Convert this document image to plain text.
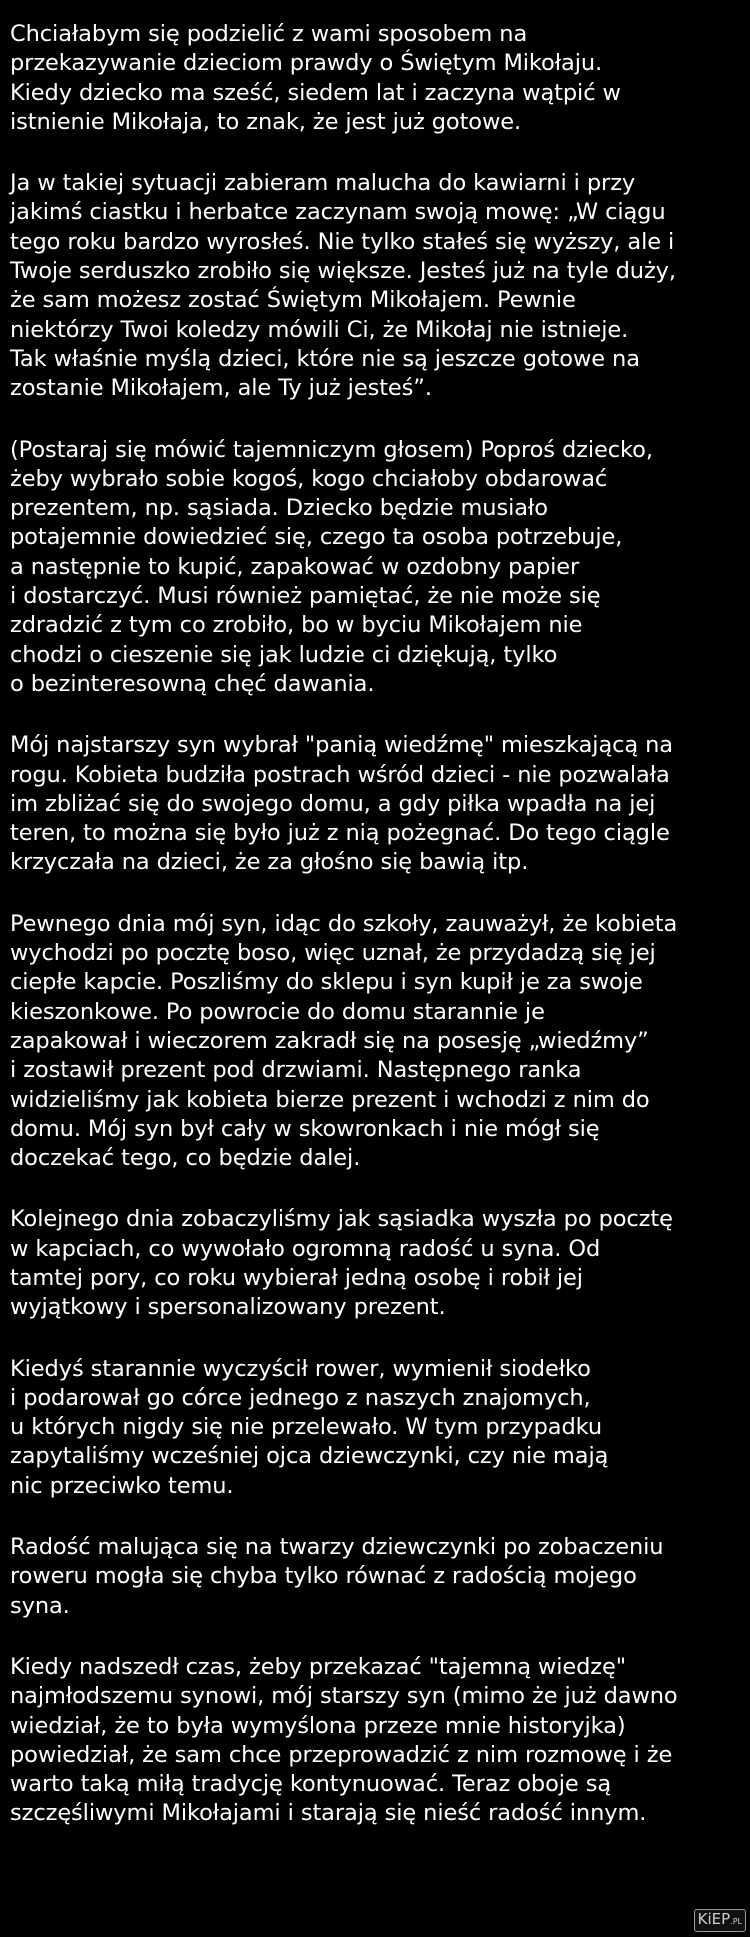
Chciałabym się podzielić z wami sposobem na
przekazywanie dzieciom prawdy o Świętym Mikołaju.
Kiedy dziecko ma sześć, siedem lat i zaczyna wątpić w
istnienie Mikołaja, to znak, że jest już gotowe.

Ja w takiej sytuacji zabieram malucha do kawiarni i przy
jakimś ciastku i herbatce zaczynam swoją mowę: „W ciągu
tego roku bardzo wyrosłeś. Nie tylko stałeś się wyższy, ale i
Twoje serduszko zrobiło się większe. Jesteś już na tyle duży,
że sam możesz zostać Świętym Mikołajem. Pewnie
niektórzy Twoi koledzy mówili Ci, że Mikołaj nie istnieje.
Tak właśnie myślą dzieci, które nie są jeszcze gotowe na
zostanie Mikołajem, ale Ty już jesteś”.

(Postaraj się mówić tajemniczym głosem) Poproś dziecko,
żeby wybrało sobie kogoś, kogo chciałoby obdarować
prezentem, np. sąsiada. Dziecko będzie musiało
potajemnie dowiedzieć się, czego ta osoba potrzebuje,
a następnie to kupić, zapakować w ozdobny papier
i dostarczyć. Musi również pamiętać, że nie może się
zdradzić z tym co zrobiło, bo w byciu Mikołajem nie
chodzi o cieszenie się jak ludzie ci dziękują, tylko
o bezinteresowną chęć dawania.

Mój najstarszy syn wybrał "panią wiedźmę" mieszkającą na
rogu. Kobieta budziła postrach wśród dzieci - nie pozwalała
im zbliżać się do swojego domu, a gdy piłka wpadła na jej
teren, to można się było już z nią pożegnać. Do tego ciągle
krzyczała na dzieci, że za głośno się bawią itp.

Pewnego dnia mój syn, idąc do szkoły, zauważył, że kobieta
wychodzi po pocztę boso, więc uznał, że przydadzą się jej
ciepłe kapcie. Poszliśmy do sklepu i syn kupił je za swoje
kieszonkowe. Po powrocie do domu starannie je
zapakował i wieczorem zakradł się na posesję „wiedźmy”
i zostawił prezent pod drzwiami. Następnego ranka
widzieliśmy jak kobieta bierze prezent i wchodzi z nim do
domu. Mój syn był cały w skowronkach i nie mógł się
doczekać tego, co będzie dalej.

Kolejnego dnia zobaczyliśmy jak sąsiadka wyszła po pocztę
w kapciach, co wywołało ogromną radość u syna. Od
tamtej pory, co roku wybierał jedną osobę i robił jej
wyjątkowy i spersonalizowany prezent.

Kiedyś starannie wyczyścił rower, wymienił siodełko
i podarował go córce jednego z naszych znajomych,
u których nigdy się nie przelewało. W tym przypadku
zapytaliśmy wcześniej ojca dziewczynki, czy nie mają
nic przeciwko temu.

Radość malująca się na twarzy dziewczynki po zobaczeniu
roweru mogła się chyba tylko równać z radością mojego
syna.

Kiedy nadszedł czas, żeby przekazać "tajemną wiedzę"
najmłodszemu synowi, mój starszy syn (mimo że już dawno
wiedział, że to była wymyślona przeze mnie historyjka)
powiedział, że sam chce przeprowadzić z nim rozmowę i że
warto taką miłą tradycję kontynuować. Teraz oboje są
szczęśliwymi Mikołajami i starają się nieść radość innym.

KiEP.PL
